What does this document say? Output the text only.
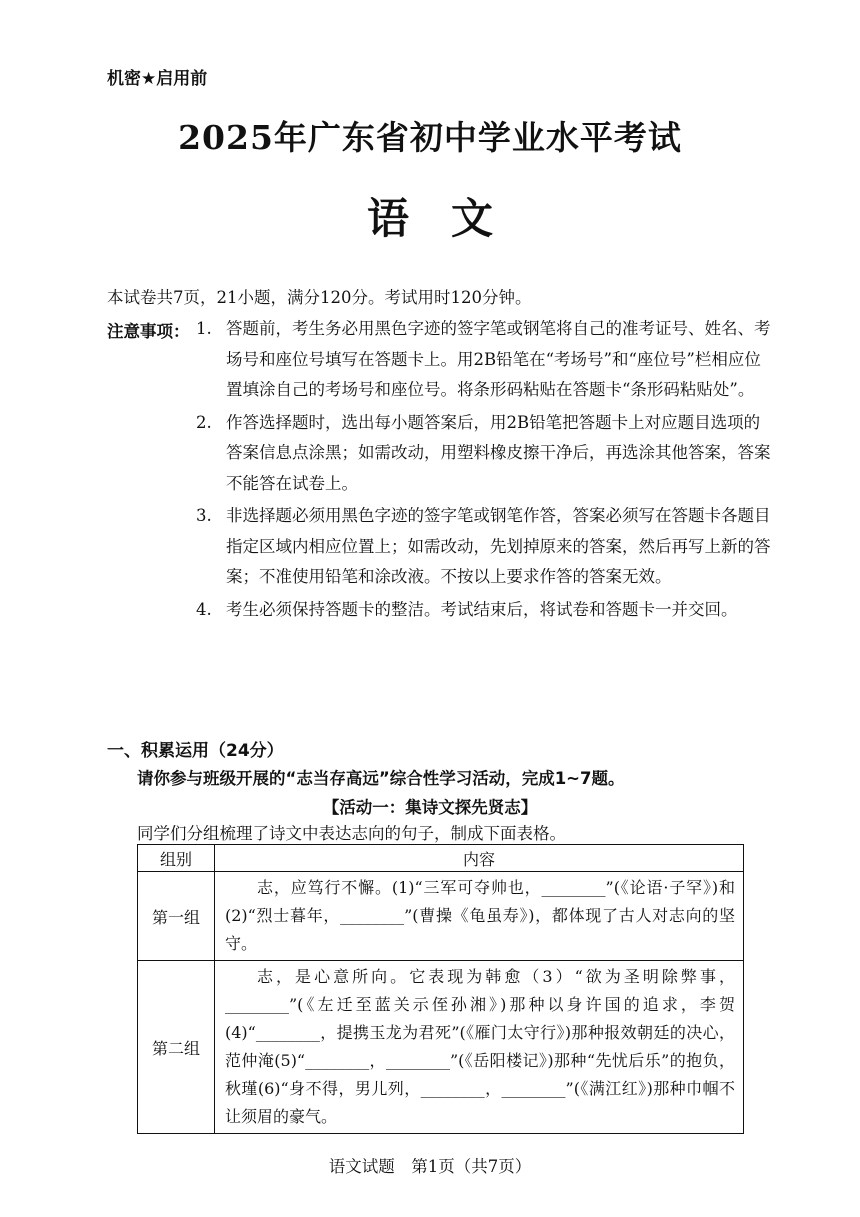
机密★启用前
2025年广东省初中学业水平考试
语　文
本试卷共7页，21小题，满分120分。考试用时120分钟。
注意事项： 1. 答题前，考生务必用黑色字迹的签字笔或钢笔将自己的准考证号、姓名、考场号和座位号填写在答题卡上。用2B铅笔在“考场号”和“座位号”栏相应位置填涂自己的考场号和座位号。将条形码粘贴在答题卡“条形码粘贴处”。
2. 作答选择题时，选出每小题答案后，用2B铅笔把答题卡上对应题目选项的答案信息点涂黑；如需改动，用塑料橡皮擦干净后，再选涂其他答案，答案不能答在试卷上。
3. 非选择题必须用黑色字迹的签字笔或钢笔作答，答案必须写在答题卡各题目指定区域内相应位置上；如需改动，先划掉原来的答案，然后再写上新的答案；不准使用铅笔和涂改液。不按以上要求作答的答案无效。
4. 考生必须保持答题卡的整洁。考试结束后，将试卷和答题卡一并交回。
一、积累运用（24分）
请你参与班级开展的“志当存高远”综合性学习活动，完成1~7题。
【活动一：集诗文探先贤志】
同学们分组梳理了诗文中表达志向的句子，制成下面表格。
组别	内容
第一组	志，应笃行不懈。(1)“三军可夺帅也，________”(《论语·子罕》)和(2)“烈士暮年，________”(曹操《龟虽寿》)，都体现了古人对志向的坚守。
第二组	志，是心意所向。它表现为韩愈（3）“欲为圣明除弊事，________”(《左迁至蓝关示侄孙湘》)那种以身许国的追求，李贺(4)“________，提携玉龙为君死”(《雁门太守行》)那种报效朝廷的决心，范仲淹(5)“________，________”(《岳阳楼记》)那种“先忧后乐”的抱负，秋瑾(6)“身不得，男儿列，________，________”(《满江红》)那种巾帼不让须眉的豪气。
语文试题　第1页（共7页）
